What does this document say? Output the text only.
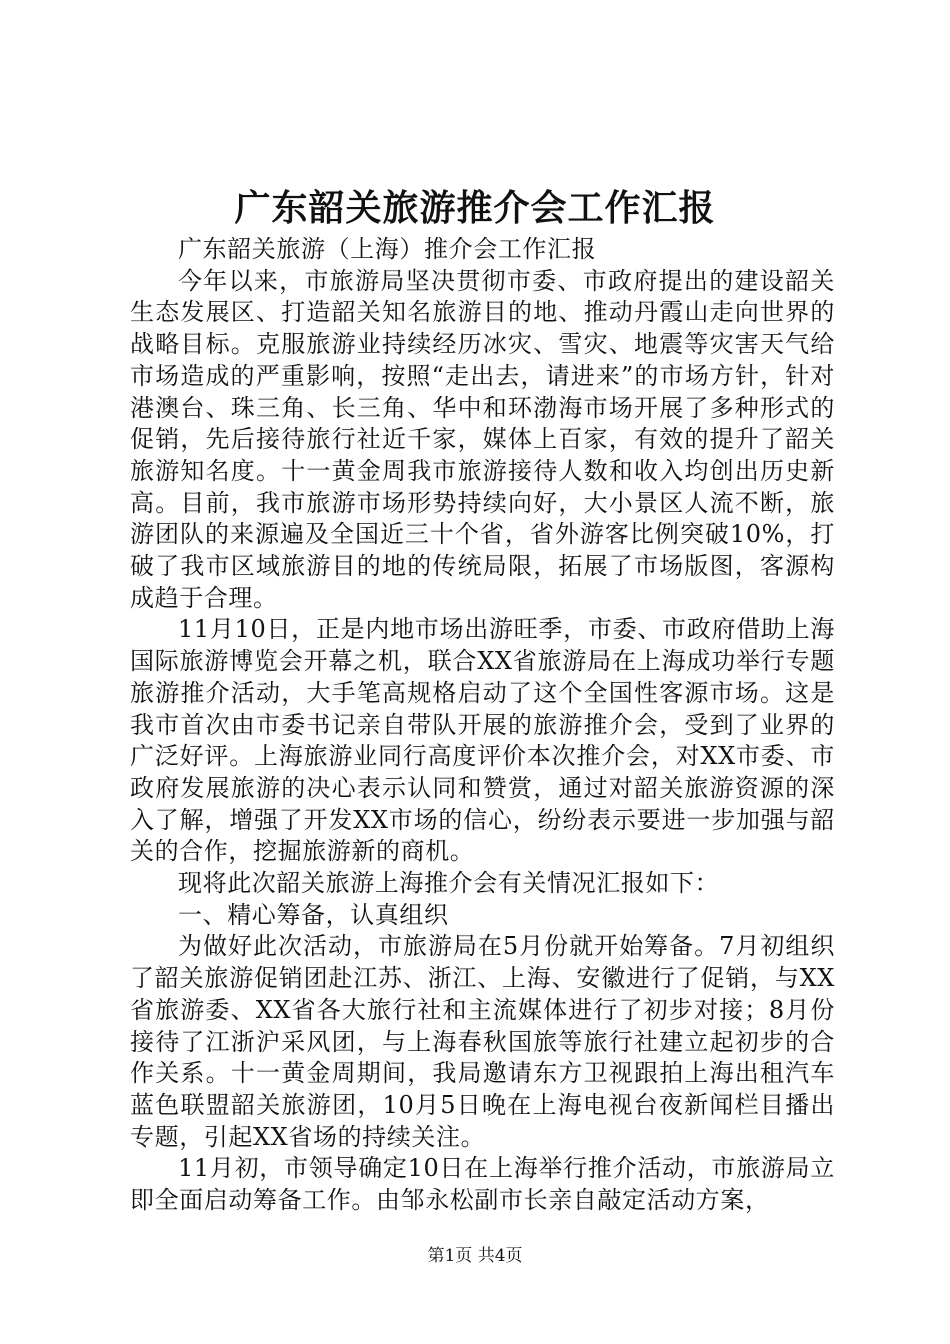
广东韶关旅游推介会工作汇报

广东韶关旅游（上海）推介会工作汇报

今年以来，市旅游局坚决贯彻市委、市政府提出的建设韶关生态发展区、打造韶关知名旅游目的地、推动丹霞山走向世界的战略目标。克服旅游业持续经历冰灾、雪灾、地震等灾害天气给市场造成的严重影响，按照“走出去，请进来”的市场方针，针对港澳台、珠三角、长三角、华中和环渤海市场开展了多种形式的促销，先后接待旅行社近千家，媒体上百家，有效的提升了韶关旅游知名度。十一黄金周我市旅游接待人数和收入均创出历史新高。目前，我市旅游市场形势持续向好，大小景区人流不断，旅游团队的来源遍及全国近三十个省，省外游客比例突破10%，打破了我市区域旅游目的地的传统局限，拓展了市场版图，客源构成趋于合理。

11月10日，正是内地市场出游旺季，市委、市政府借助上海国际旅游博览会开幕之机，联合XX省旅游局在上海成功举行专题旅游推介活动，大手笔高规格启动了这个全国性客源市场。这是我市首次由市委书记亲自带队开展的旅游推介会，受到了业界的广泛好评。上海旅游业同行高度评价本次推介会，对XX市委、市政府发展旅游的决心表示认同和赞赏，通过对韶关旅游资源的深入了解，增强了开发XX市场的信心，纷纷表示要进一步加强与韶关的合作，挖掘旅游新的商机。

现将此次韶关旅游上海推介会有关情况汇报如下：

一、精心筹备，认真组织

为做好此次活动，市旅游局在5月份就开始筹备。7月初组织了韶关旅游促销团赴江苏、浙江、上海、安徽进行了促销，与XX省旅游委、XX省各大旅行社和主流媒体进行了初步对接；8月份接待了江浙沪采风团，与上海春秋国旅等旅行社建立起初步的合作关系。十一黄金周期间，我局邀请东方卫视跟拍上海出租汽车蓝色联盟韶关旅游团，10月5日晚在上海电视台夜新闻栏目播出专题，引起XX省场的持续关注。

11月初，市领导确定10日在上海举行推介活动，市旅游局立即全面启动筹备工作。由邹永松副市长亲自敲定活动方案，

第1页 共4页
